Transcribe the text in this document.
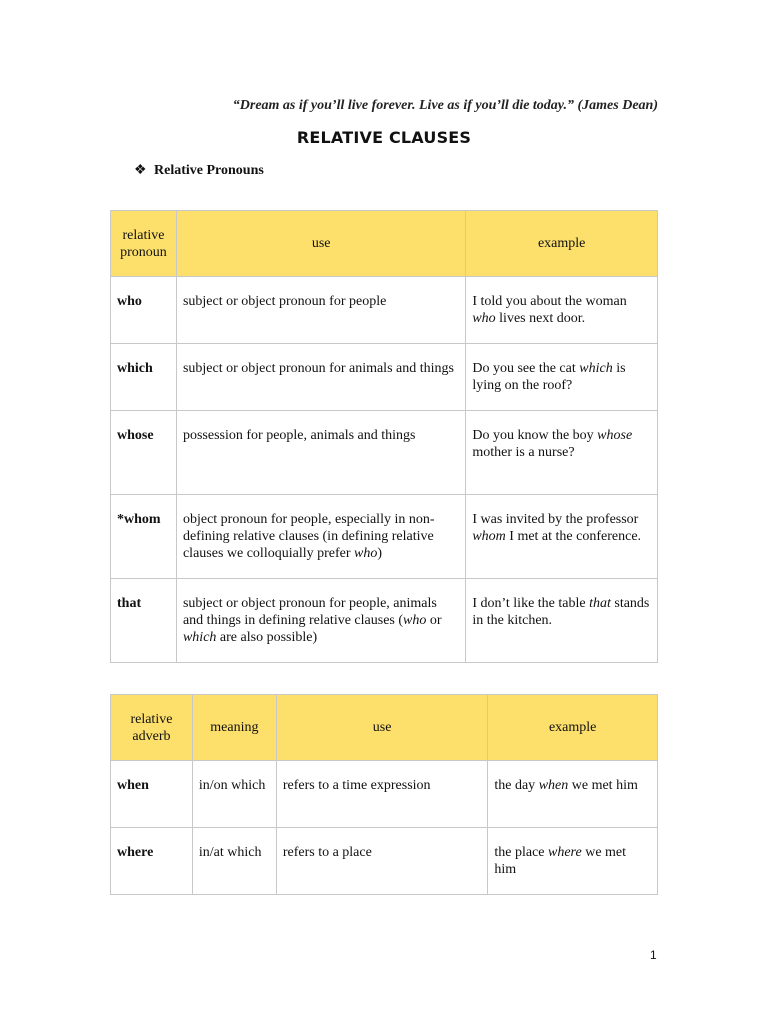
“Dream as if you’ll live forever. Live as if you’ll die today.” (James Dean)
RELATIVE CLAUSES
❖ Relative Pronouns
relative pronoun	use	example
who	subject or object pronoun for people	I told you about the woman who lives next door.
which	subject or object pronoun for animals and things	Do you see the cat which is lying on the roof?
whose	possession for people, animals and things	Do you know the boy whose mother is a nurse?
*whom	object pronoun for people, especially in non-defining relative clauses (in defining relative clauses we colloquially prefer who)	I was invited by the professor whom I met at the conference.
that	subject or object pronoun for people, animals and things in defining relative clauses (who or which are also possible)	I don’t like the table that stands in the kitchen.
relative adverb	meaning	use	example
when	in/on which	refers to a time expression	the day when we met him
where	in/at which	refers to a place	the place where we met him
1
